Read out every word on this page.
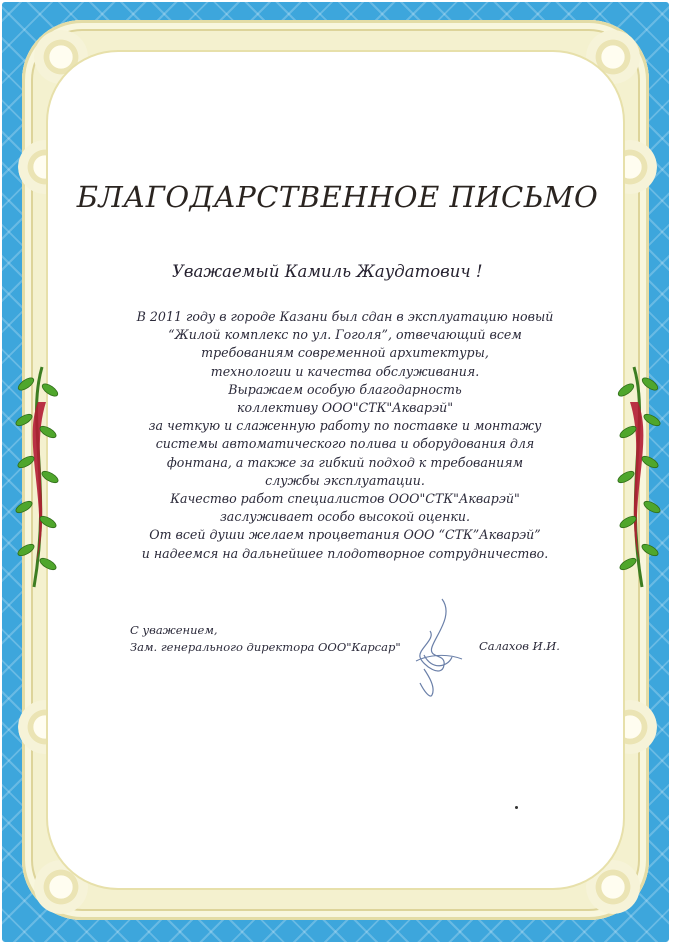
БЛАГОДАРСТВЕННОЕ ПИСЬМО
Уважаемый Камиль Жаудатович !
В 2011 году в городе Казани был сдан в эксплуатацию новый
“Жилой комплекс по ул. Гоголя”, отвечающий всем
требованиям современной архитектуры,
технологии и качества обслуживания.
Выражаем особую благодарность
коллективу ООО"СТК"Акварэй"
за четкую и слаженную работу по поставке и монтажу
системы автоматического полива и оборудования для
фонтана, а также за гибкий подход к требованиям
службы эксплуатации.
Качество работ специалистов ООО"СТК"Акварэй"
заслуживает особо высокой оценки.
От всей души желаем процветания ООО “СТК”Акварэй”
и надеемся на дальнейшее плодотворное сотрудничество.
С уважением,
Зам. генерального директора ООО"Карсар"	Салахов И.И.
